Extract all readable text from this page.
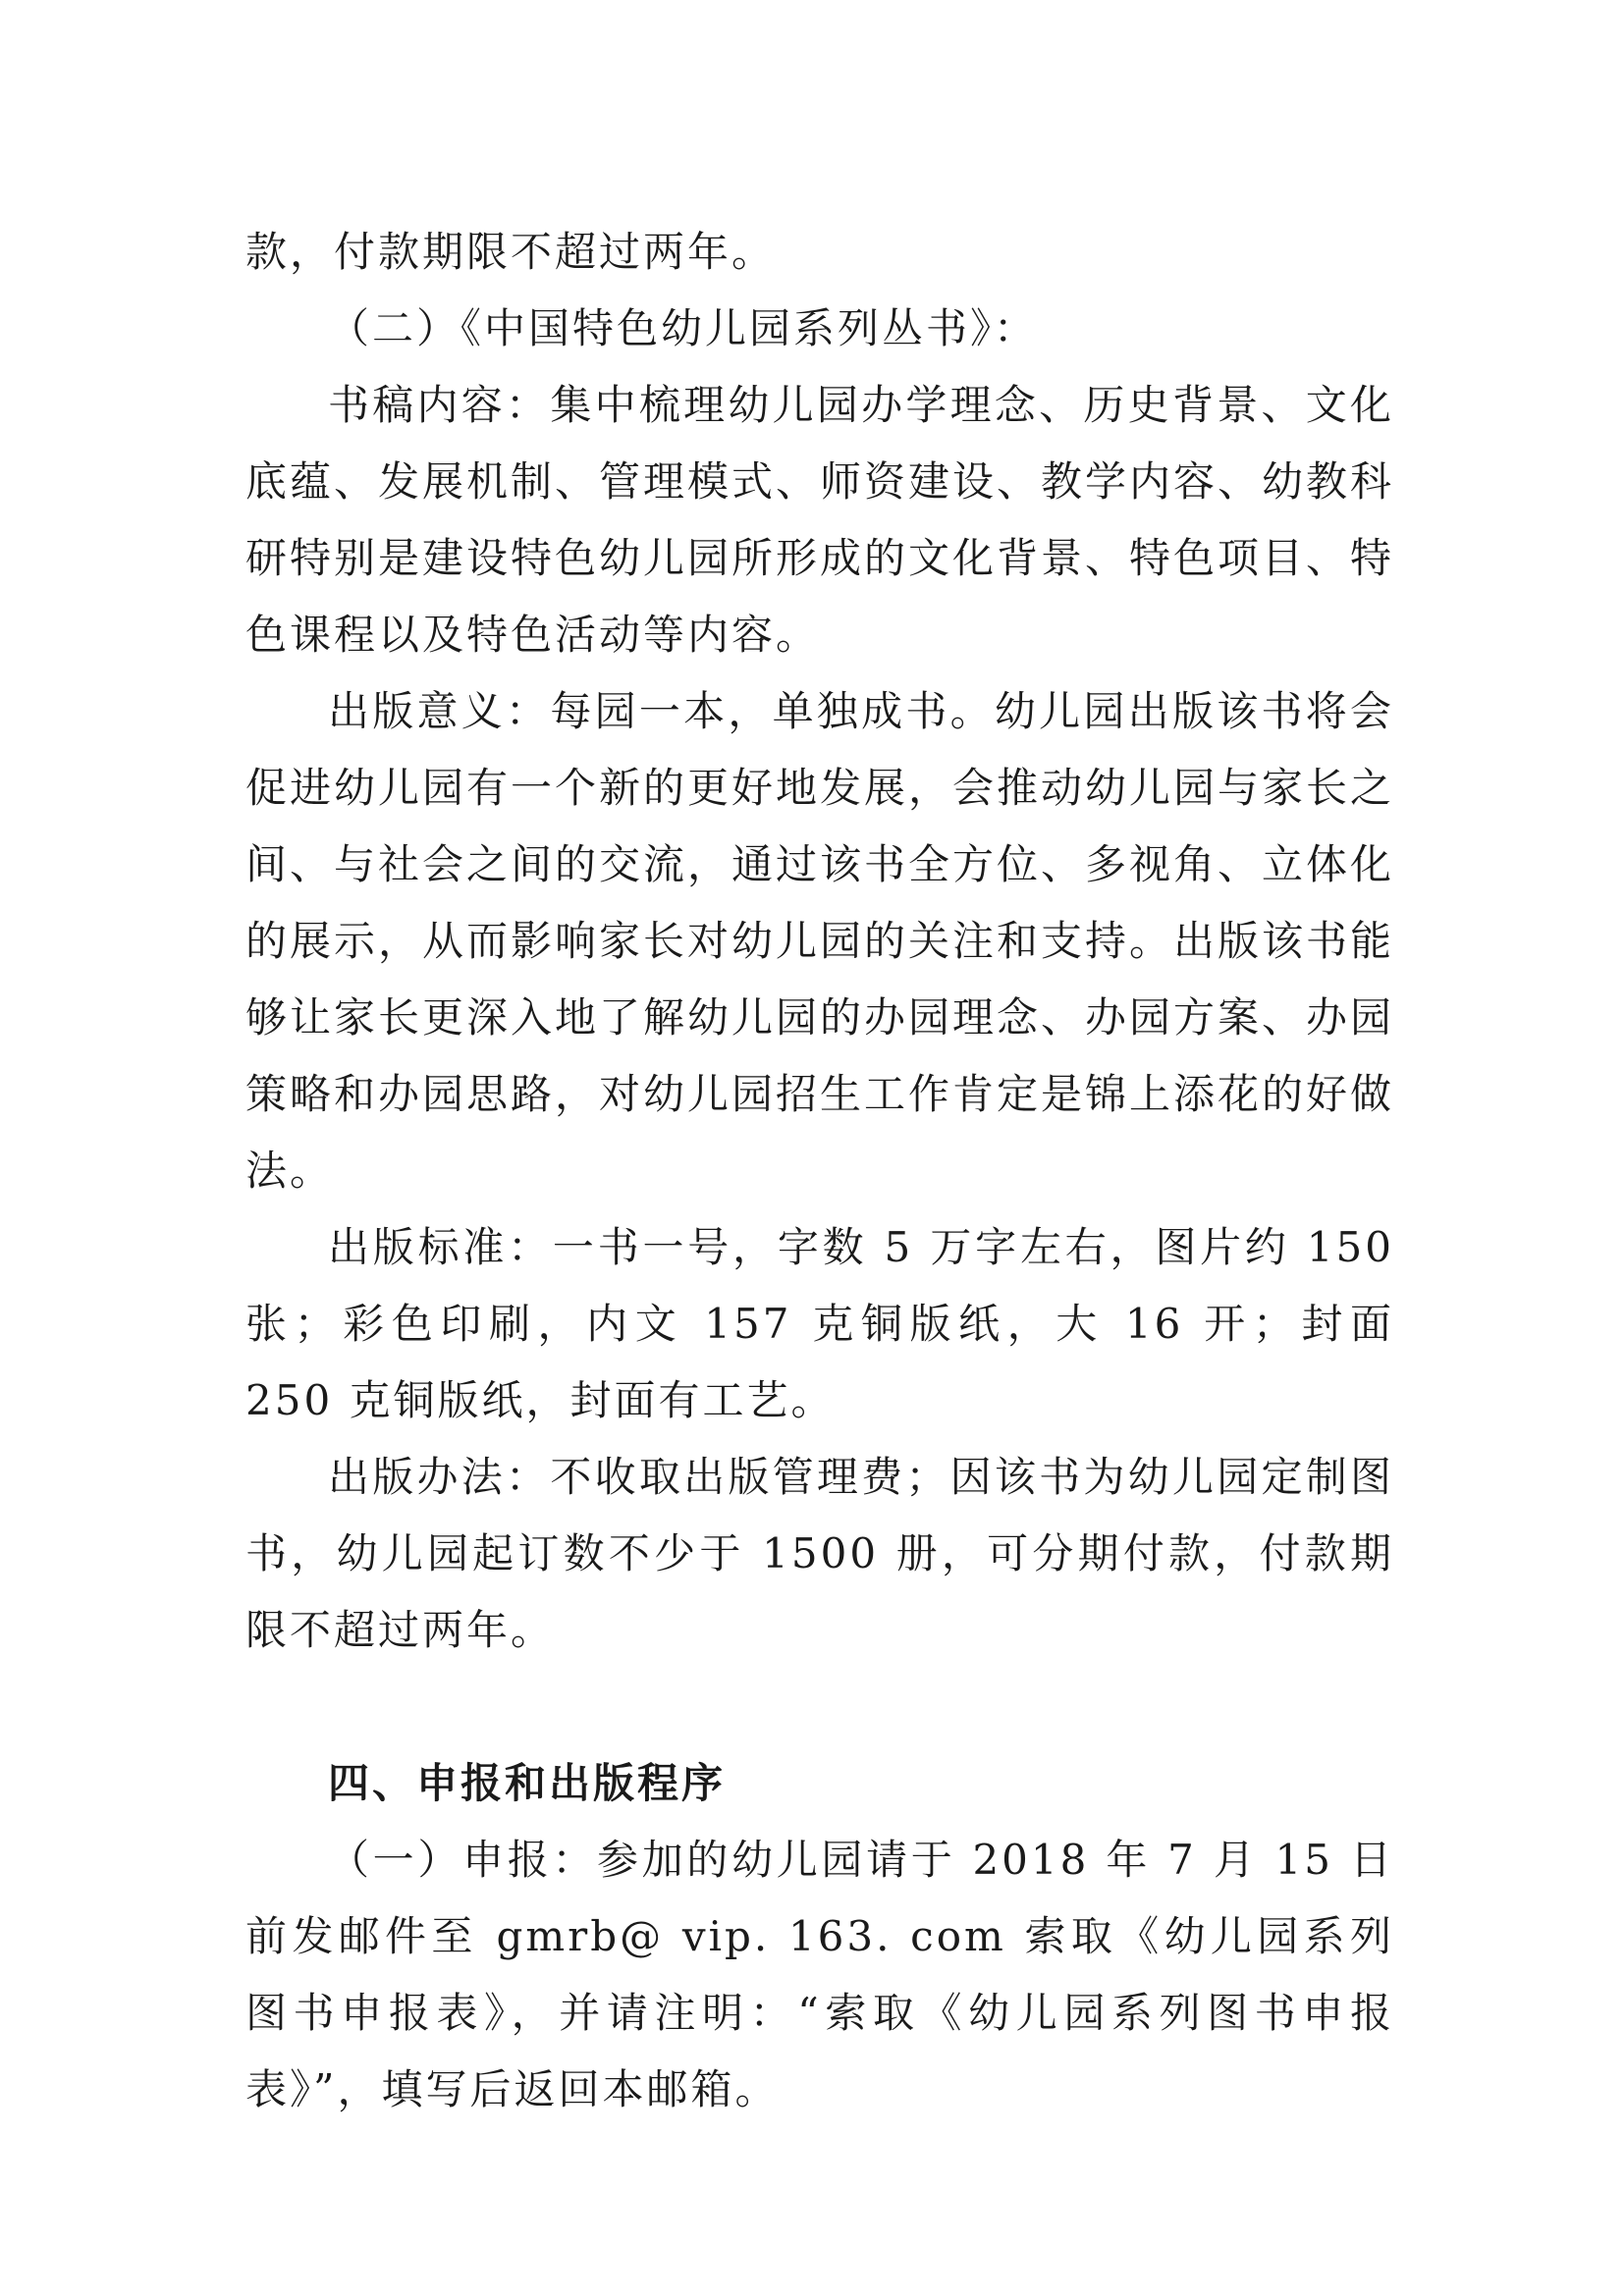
款，付款期限不超过两年。

（二）《中国特色幼儿园系列丛书》：

书稿内容：集中梳理幼儿园办学理念、历史背景、文化底蕴、发展机制、管理模式、师资建设、教学内容、幼教科研特别是建设特色幼儿园所形成的文化背景、特色项目、特色课程以及特色活动等内容。

出版意义：每园一本，单独成书。幼儿园出版该书将会促进幼儿园有一个新的更好地发展，会推动幼儿园与家长之间、与社会之间的交流，通过该书全方位、多视角、立体化的展示，从而影响家长对幼儿园的关注和支持。出版该书能够让家长更深入地了解幼儿园的办园理念、办园方案、办园策略和办园思路，对幼儿园招生工作肯定是锦上添花的好做法。

出版标准：一书一号，字数 5 万字左右，图片约 150 张；彩色印刷，内文 157 克铜版纸，大 16 开；封面 250 克铜版纸，封面有工艺。

出版办法：不收取出版管理费；因该书为幼儿园定制图书，幼儿园起订数不少于 1500 册，可分期付款，付款期限不超过两年。

四、申报和出版程序

（一）申报：参加的幼儿园请于 2018 年 7 月 15 日前发邮件至 gmrb@ vip. 163. com 索取《幼儿园系列图书申报表》，并请注明：“索取《幼儿园系列图书申报表》”，填写后返回本邮箱。
